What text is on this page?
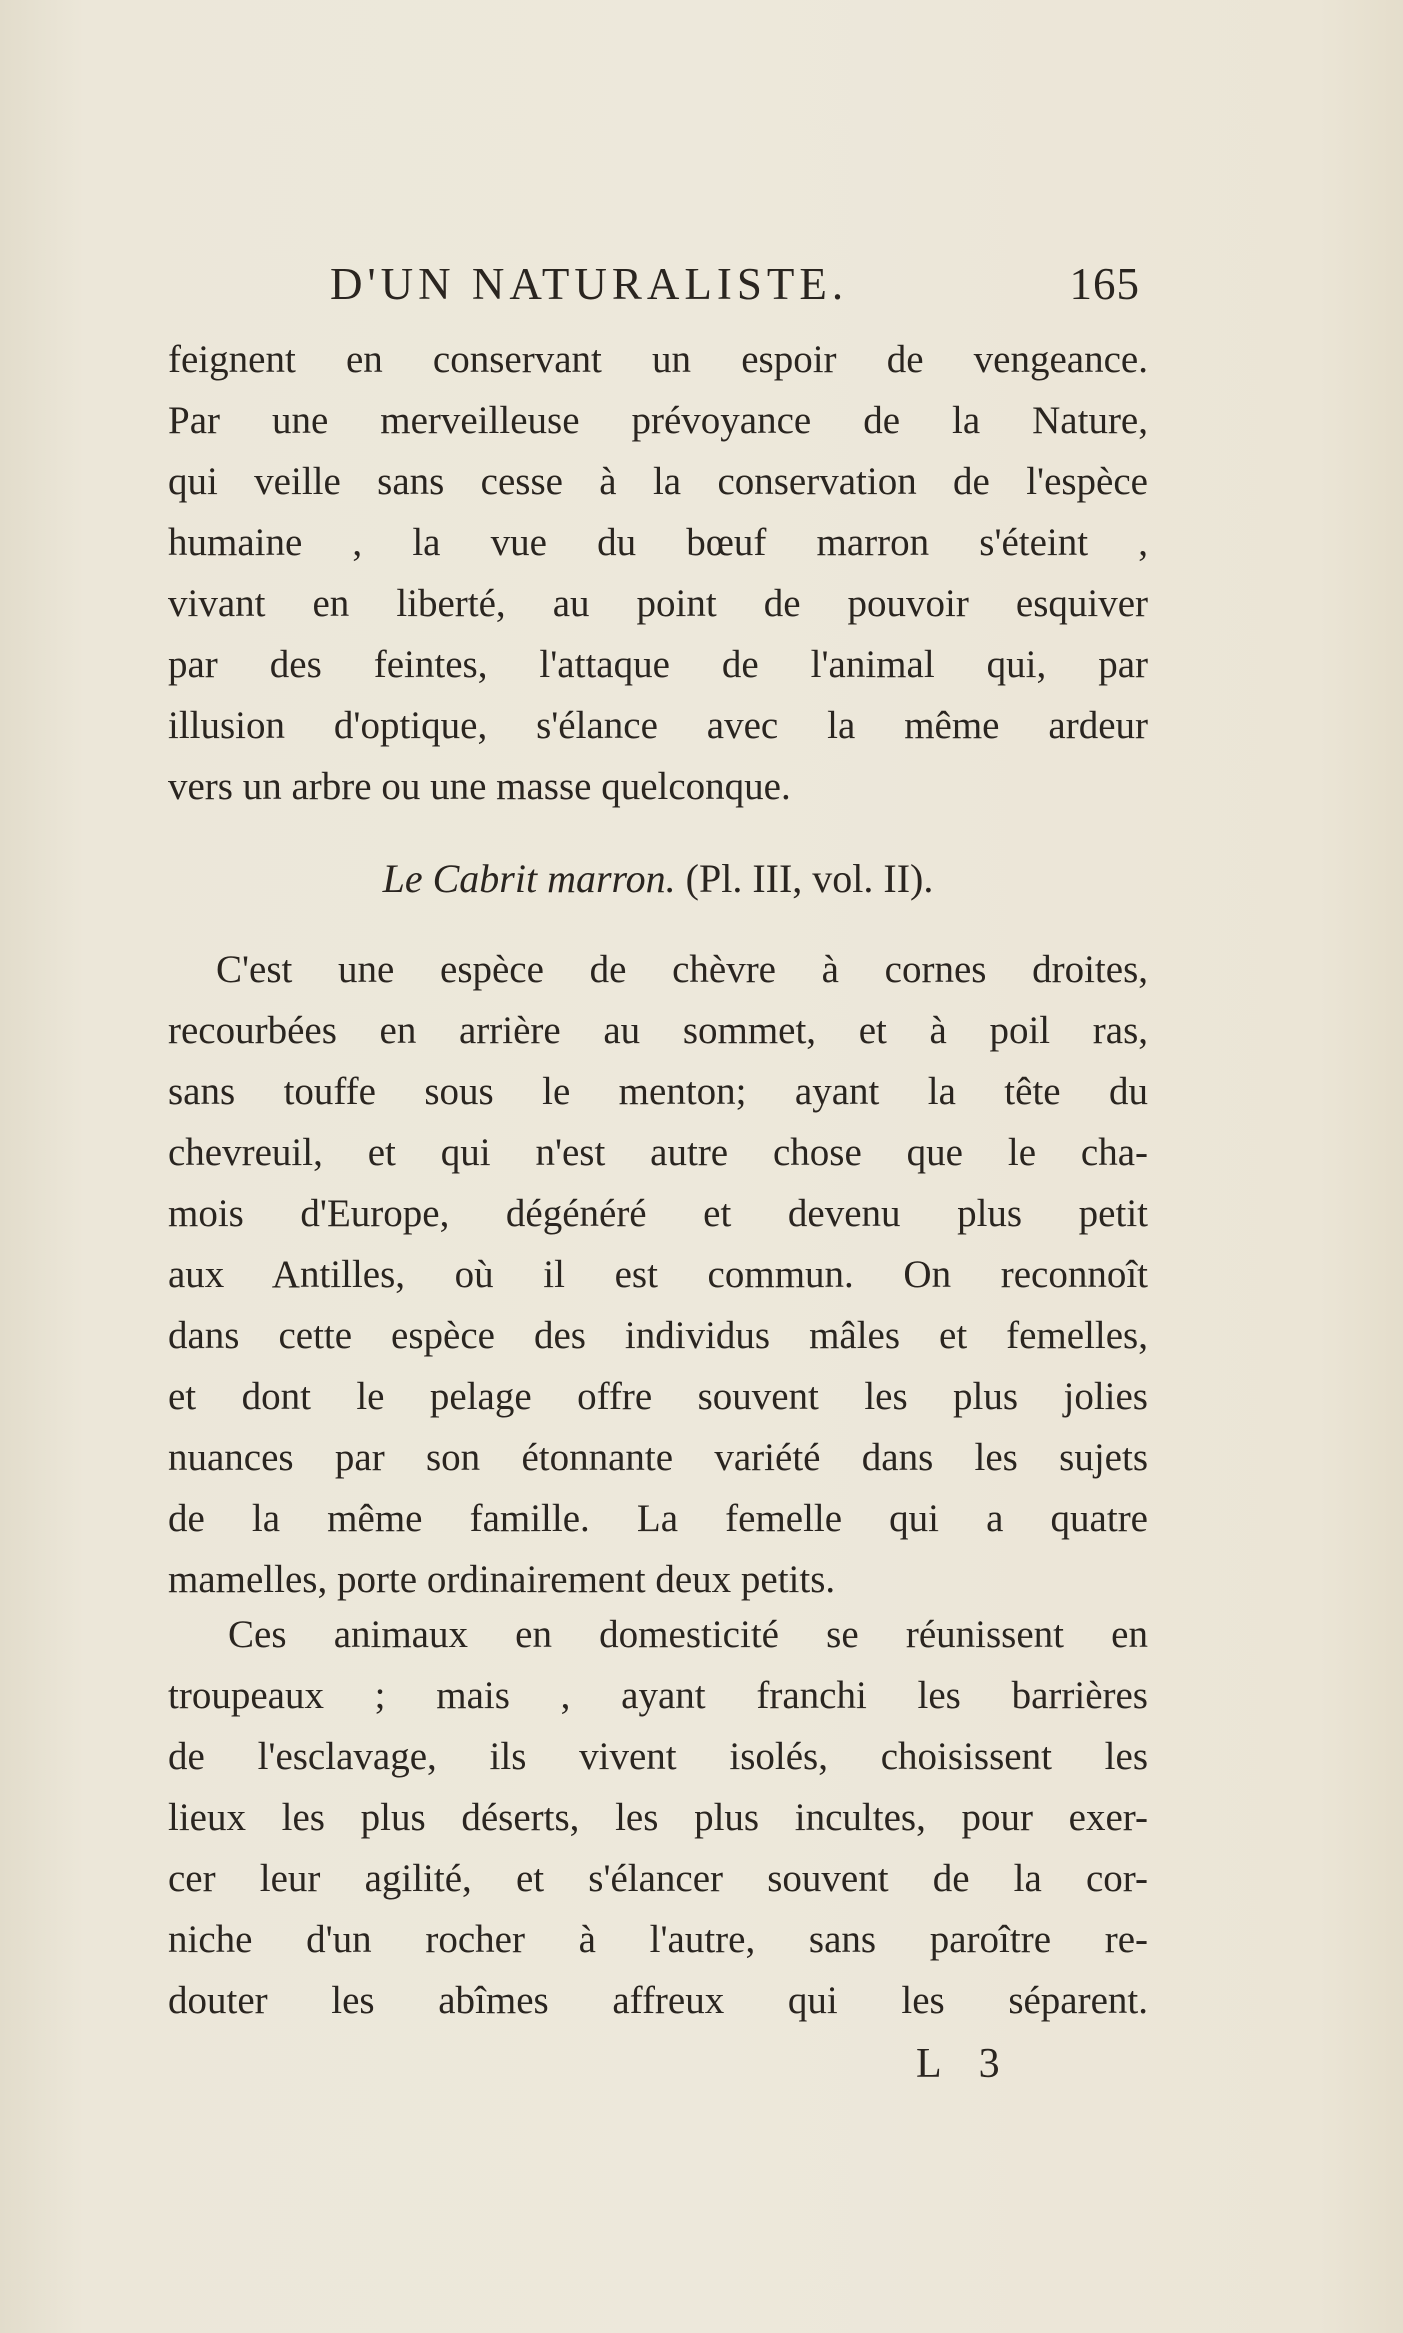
D'UN NATURALISTE.	165
feignent en conservant un espoir de vengeance.
Par une merveilleuse prévoyance de la Nature,
qui veille sans cesse à la conservation de l'espèce
humaine , la vue du bœuf marron s'éteint ,
vivant en liberté, au point de pouvoir esquiver
par des feintes, l'attaque de l'animal qui, par
illusion d'optique, s'élance avec la même ardeur
vers un arbre ou une masse quelconque.
Le Cabrit marron. (Pl. III, vol. II).
C'est une espèce de chèvre à cornes droites,
recourbées en arrière au sommet, et à poil ras,
sans touffe sous le menton; ayant la tête du
chevreuil, et qui n'est autre chose que le cha-
mois d'Europe, dégénéré et devenu plus petit
aux Antilles, où il est commun. On reconnoît
dans cette espèce des individus mâles et femelles,
et dont le pelage offre souvent les plus jolies
nuances par son étonnante variété dans les sujets
de la même famille. La femelle qui a quatre
mamelles, porte ordinairement deux petits.
Ces animaux en domesticité se réunissent en
troupeaux ; mais , ayant franchi les barrières
de l'esclavage, ils vivent isolés, choisissent les
lieux les plus déserts, les plus incultes, pour exer-
cer leur agilité, et s'élancer souvent de la cor-
niche d'un rocher à l'autre, sans paroître re-
douter les abîmes affreux qui les séparent.
L 3
